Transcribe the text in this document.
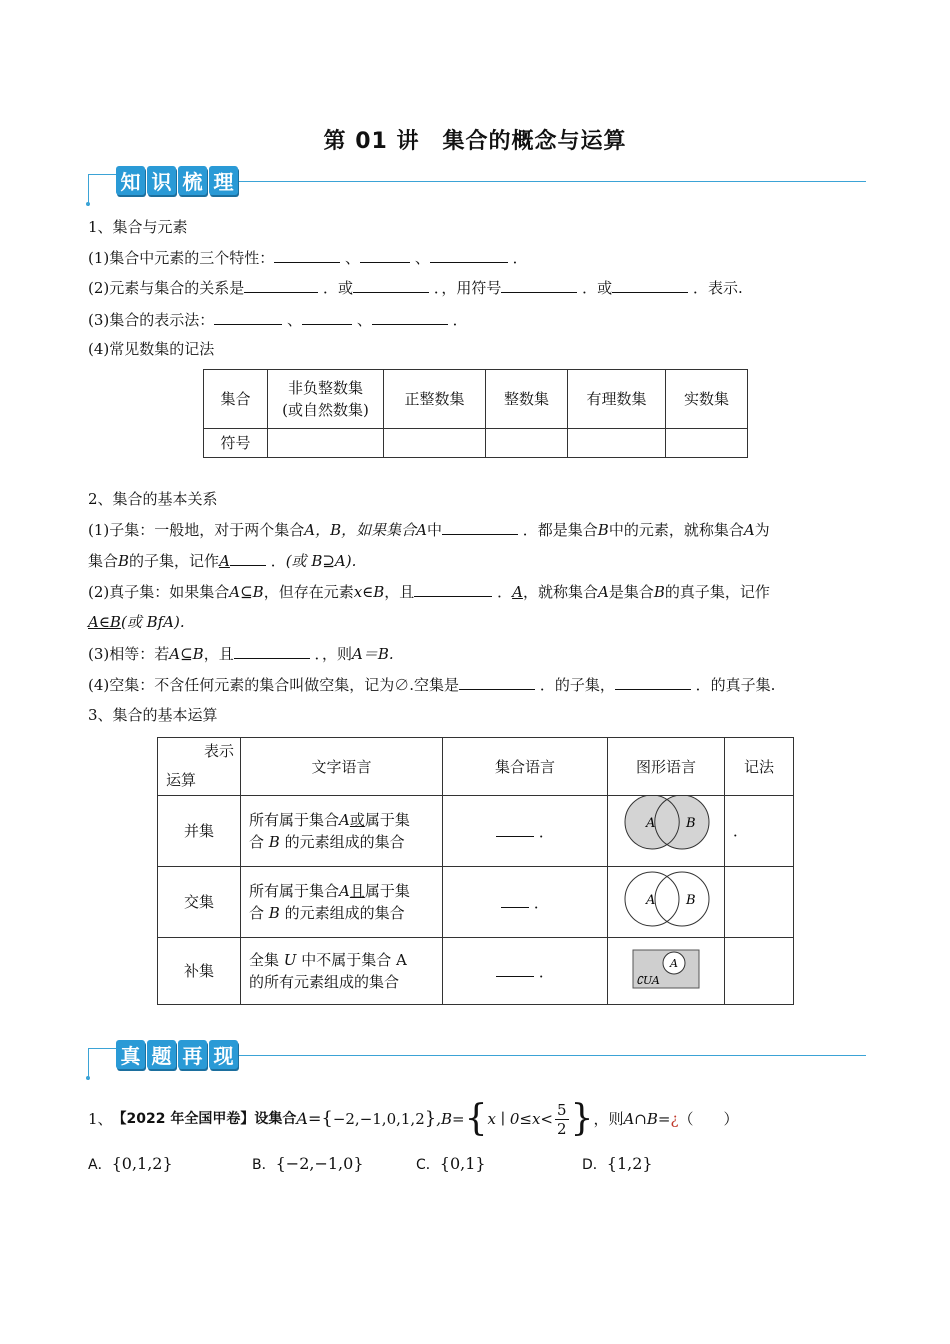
第 01 讲　集合的概念与运算
知 识 梳 理
1、集合与元素
(1)集合中元素的三个特性：	、	、	．
(2)元素与集合的关系是	．或	．，用符号	．或	．表示.
(3)集合的表示法：	、	、	．
(4)常见数集的记法
集合	非负整数集
(或自然数集)	正整数集	整数集	有理数集	实数集
符号					
2、集合的基本关系
(1)子集：一般地，对于两个集合A，B，如果集合A中	．都是集合B中的元素，就称集合A为
集合B的子集，记作A	．(或 B⊇A).
(2)真子集：如果集合A⊆B，但存在元素x∈B，且	．A，就称集合A是集合B的真子集，记作
A∈B(或 BfA).
(3)相等：若A⊆B，且	．，则A＝B.
(4)空集：不含任何元素的集合叫做空集，记为∅.空集是	．的子集，	．的真子集.
3、集合的基本运算
表示
运算	文字语言	集合语言	图形语言	记法
并集	所有属于集合A或属于集
合 B 的元素组成的集合	．	A B	．
交集	所有属于集合A且属于集
合 B 的元素组成的集合	．	A B	

补集	全集 U 中不属于集合 A
的所有元素组成的集合	．	A
∁UA	

真 题 再 现
1、 【2022 年全国甲卷】设集合 A= { −2,−1,0,1,2 } ,B= { x ∣ 0≤x<
5
2 } ，则 A∩B= ¿ （　　）
A．{0,1,2}	B．{−2,−1,0}	C．{0,1}	D．{1,2}
